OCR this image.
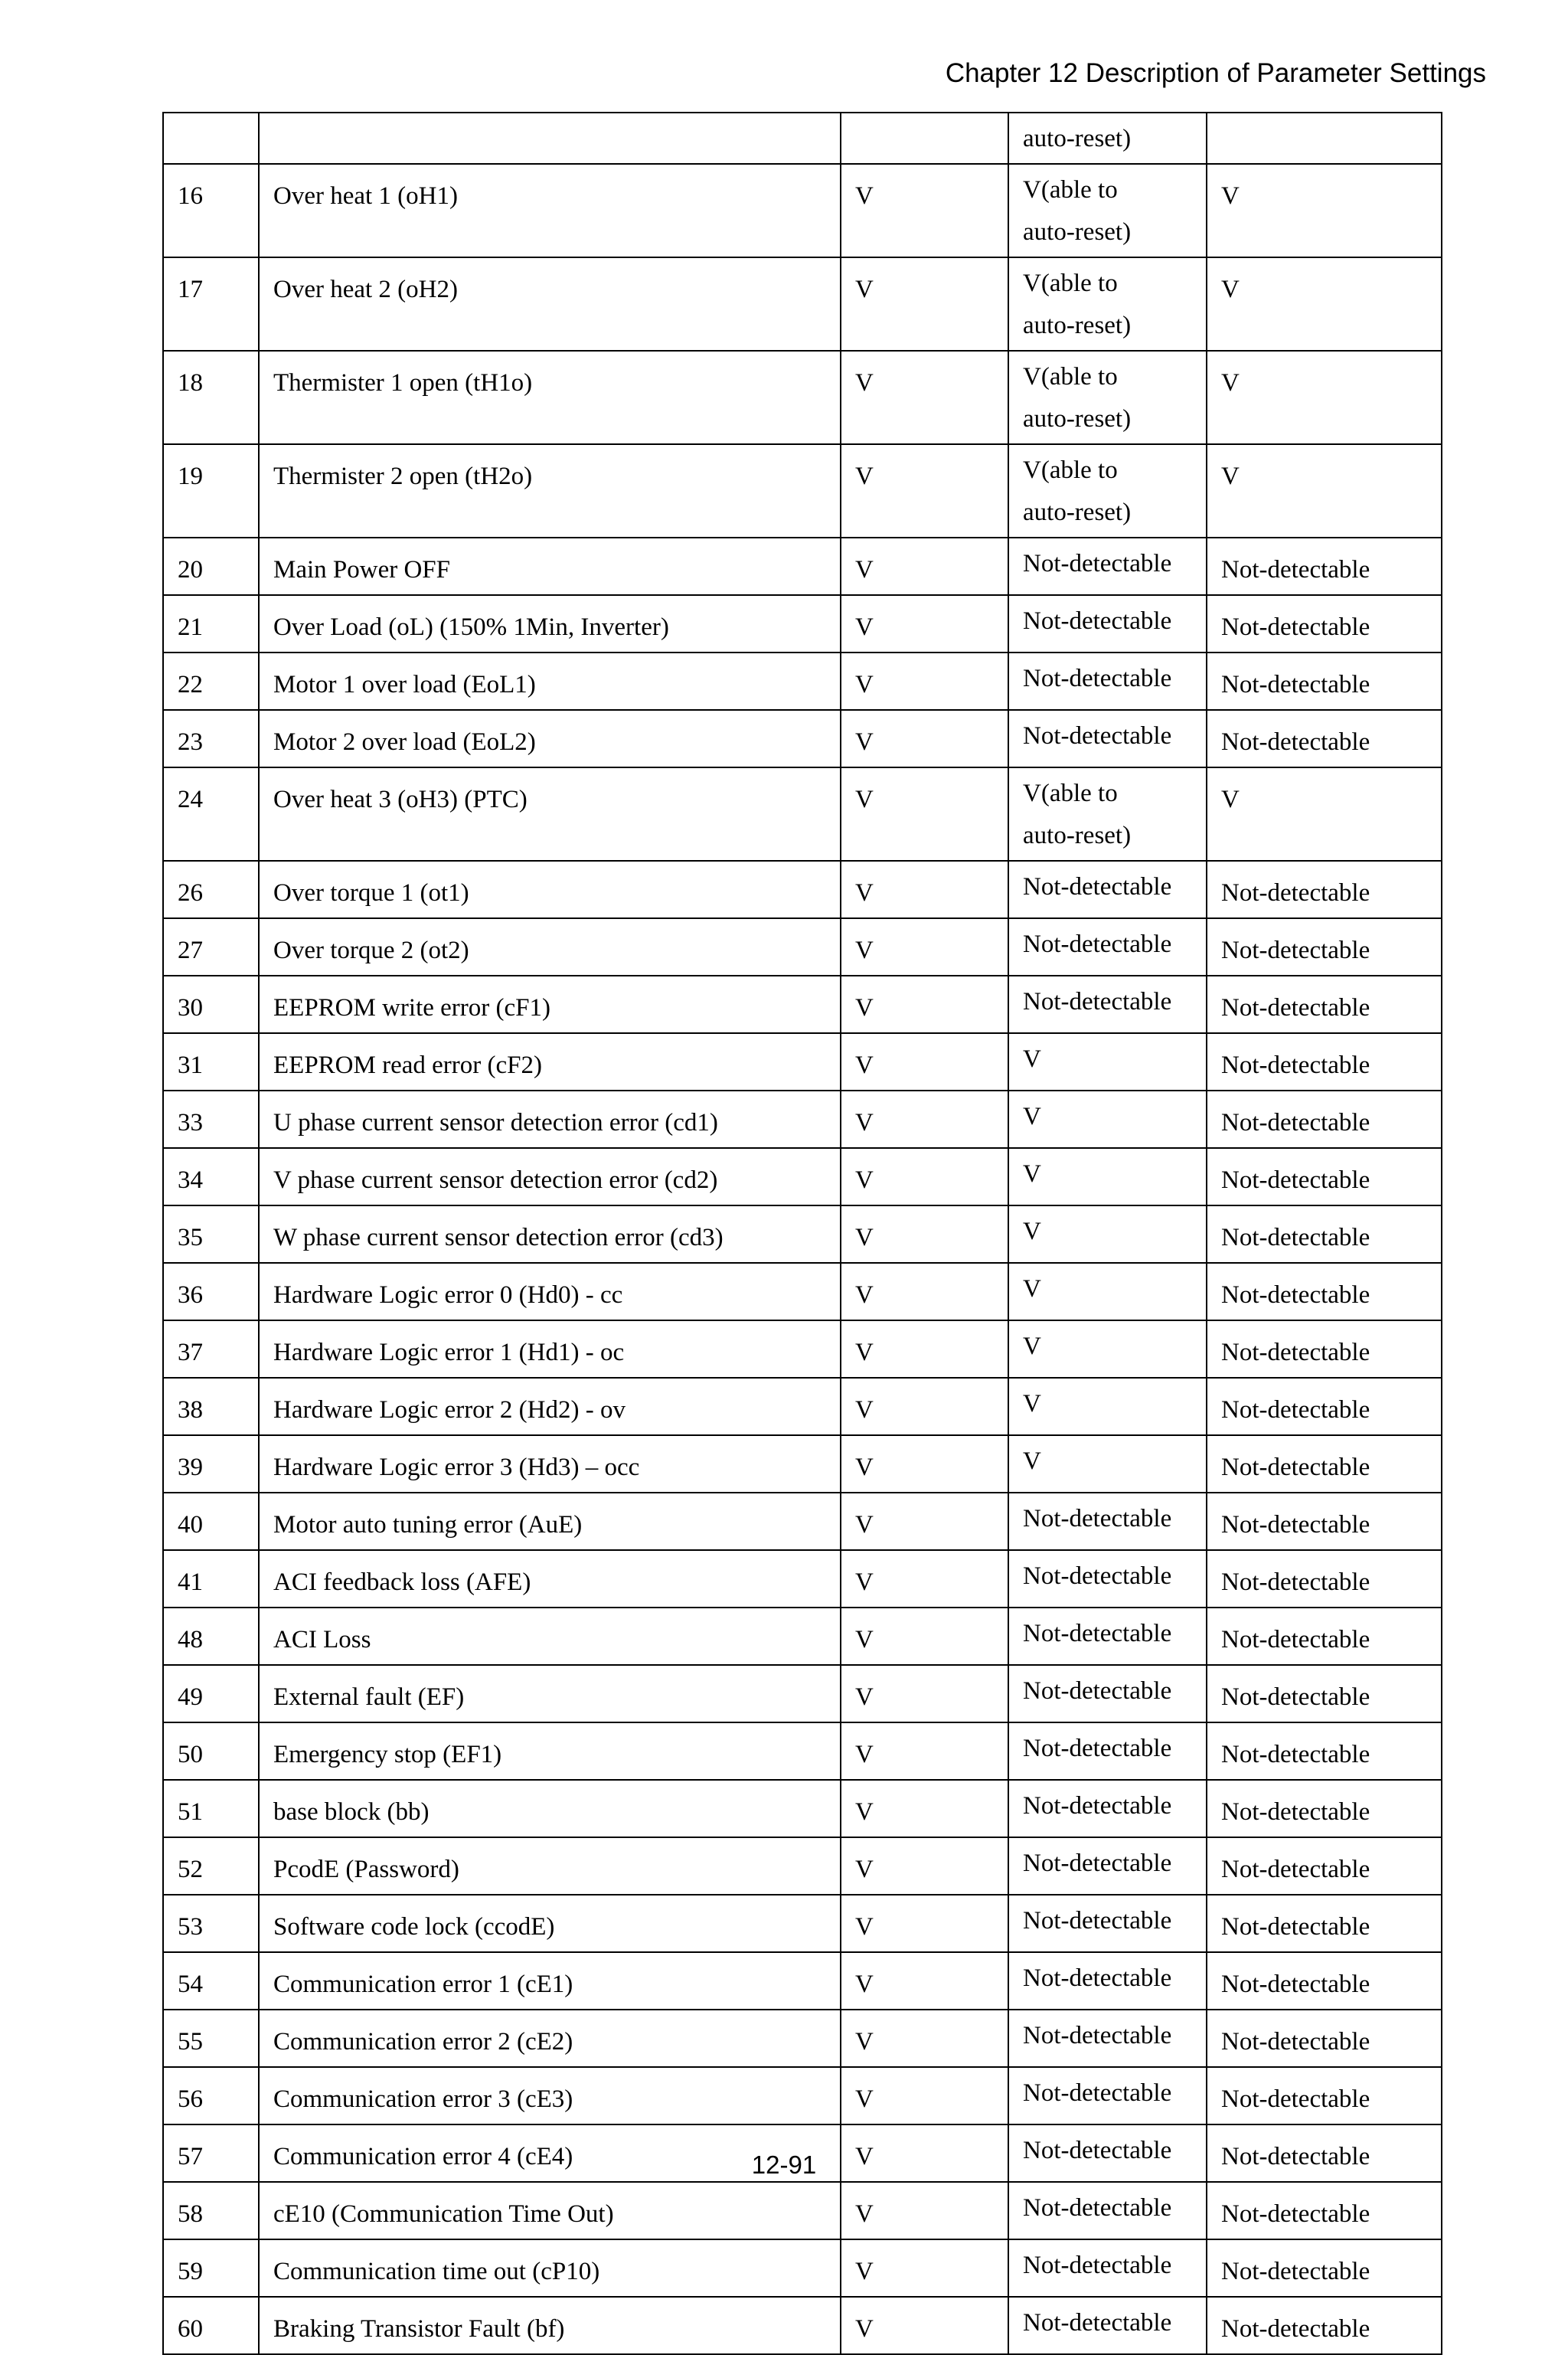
Chapter 12 Description of Parameter Settings

			auto-reset)	

16	Over heat 1 (oH1)	V	V(able to
auto-reset)	V
17	Over heat 2 (oH2)	V	V(able to
auto-reset)	V
18	Thermister 1 open (tH1o)	V	V(able to
auto-reset)	V
19	Thermister 2 open (tH2o)	V	V(able to
auto-reset)	V
20	Main Power OFF	V	Not-detectable	Not-detectable
21	Over Load (oL) (150% 1Min, Inverter)	V	Not-detectable	Not-detectable
22	Motor 1 over load (EoL1)	V	Not-detectable	Not-detectable
23	Motor 2 over load (EoL2)	V	Not-detectable	Not-detectable
24	Over heat 3 (oH3) (PTC)	V	V(able to
auto-reset)	V
26	Over torque 1 (ot1)	V	Not-detectable	Not-detectable
27	Over torque 2 (ot2)	V	Not-detectable	Not-detectable
30	EEPROM write error (cF1)	V	Not-detectable	Not-detectable
31	EEPROM read error (cF2)	V	V	Not-detectable
33	U phase current sensor detection error (cd1)	V	V	Not-detectable
34	V phase current sensor detection error (cd2)	V	V	Not-detectable
35	W phase current sensor detection error (cd3)	V	V	Not-detectable
36	Hardware Logic error 0 (Hd0) - cc	V	V	Not-detectable
37	Hardware Logic error 1 (Hd1) - oc	V	V	Not-detectable
38	Hardware Logic error 2 (Hd2) - ov	V	V	Not-detectable
39	Hardware Logic error 3 (Hd3) – occ	V	V	Not-detectable
40	Motor auto tuning error (AuE)	V	Not-detectable	Not-detectable
41	ACI feedback loss (AFE)	V	Not-detectable	Not-detectable
48	ACI Loss	V	Not-detectable	Not-detectable
49	External fault (EF)	V	Not-detectable	Not-detectable
50	Emergency stop (EF1)	V	Not-detectable	Not-detectable
51	base block (bb)	V	Not-detectable	Not-detectable
52	PcodE (Password)	V	Not-detectable	Not-detectable
53	Software code lock (ccodE)	V	Not-detectable	Not-detectable
54	Communication error 1 (cE1)	V	Not-detectable	Not-detectable
55	Communication error 2 (cE2)	V	Not-detectable	Not-detectable
56	Communication error 3 (cE3)	V	Not-detectable	Not-detectable
57	Communication error 4 (cE4)	V	Not-detectable	Not-detectable
58	cE10 (Communication Time Out)	V	Not-detectable	Not-detectable
59	Communication time out (cP10)	V	Not-detectable	Not-detectable
60	Braking Transistor Fault (bf)	V	Not-detectable	Not-detectable
12-91
